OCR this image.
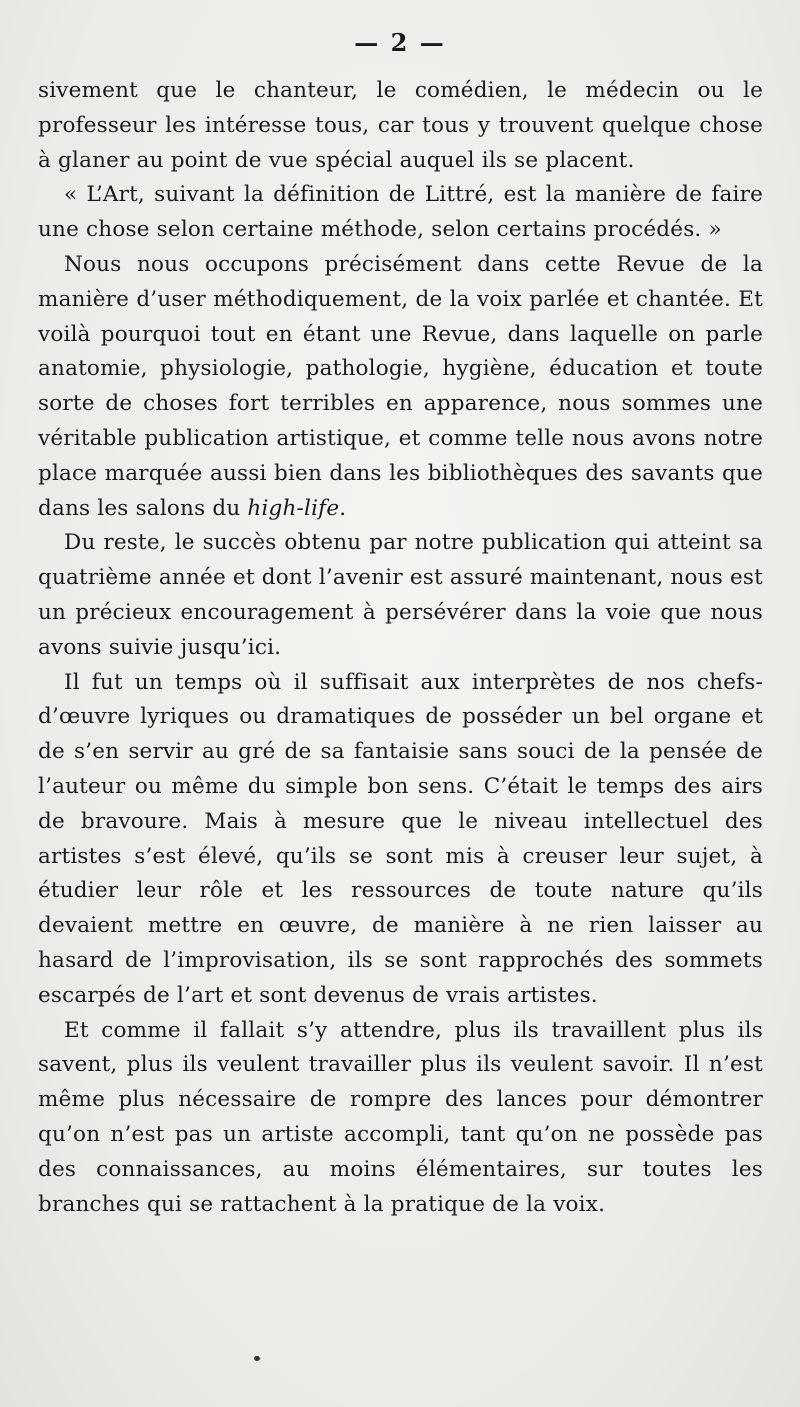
— 2 —

sivement que le chanteur, le comédien, le médecin ou le professeur les intéresse tous, car tous y trouvent quelque chose à glaner au point de vue spécial auquel ils se placent.

« L’Art, suivant la définition de Littré, est la manière de faire une chose selon certaine méthode, selon certains procédés. »

Nous nous occupons précisément dans cette Revue de la manière d’user méthodiquement, de la voix parlée et chantée. Et voilà pourquoi tout en étant une Revue, dans laquelle on parle anatomie, physiologie, pathologie, hygiène, éducation et toute sorte de choses fort terribles en apparence, nous sommes une véritable publication artistique, et comme telle nous avons notre place marquée aussi bien dans les bibliothèques des savants que dans les salons du high-life.

Du reste, le succès obtenu par notre publication qui atteint sa quatrième année et dont l’avenir est assuré maintenant, nous est un précieux encouragement à persévérer dans la voie que nous avons suivie jusqu’ici.

Il fut un temps où il suffisait aux interprètes de nos chefs-d’œuvre lyriques ou dramatiques de posséder un bel organe et de s’en servir au gré de sa fantaisie sans souci de la pensée de l’auteur ou même du simple bon sens. C’était le temps des airs de bravoure. Mais à mesure que le niveau intellectuel des artistes s’est élevé, qu’ils se sont mis à creuser leur sujet, à étudier leur rôle et les ressources de toute nature qu’ils devaient mettre en œuvre, de manière à ne rien laisser au hasard de l’improvisation, ils se sont rapprochés des sommets escarpés de l’art et sont devenus de vrais artistes.

Et comme il fallait s’y attendre, plus ils travaillent plus ils savent, plus ils veulent travailler plus ils veulent savoir. Il n’est même plus nécessaire de rompre des lances pour démontrer qu’on n’est pas un artiste accompli, tant qu’on ne possède pas des connaissances, au moins élémentaires, sur toutes les branches qui se rattachent à la pratique de la voix.
